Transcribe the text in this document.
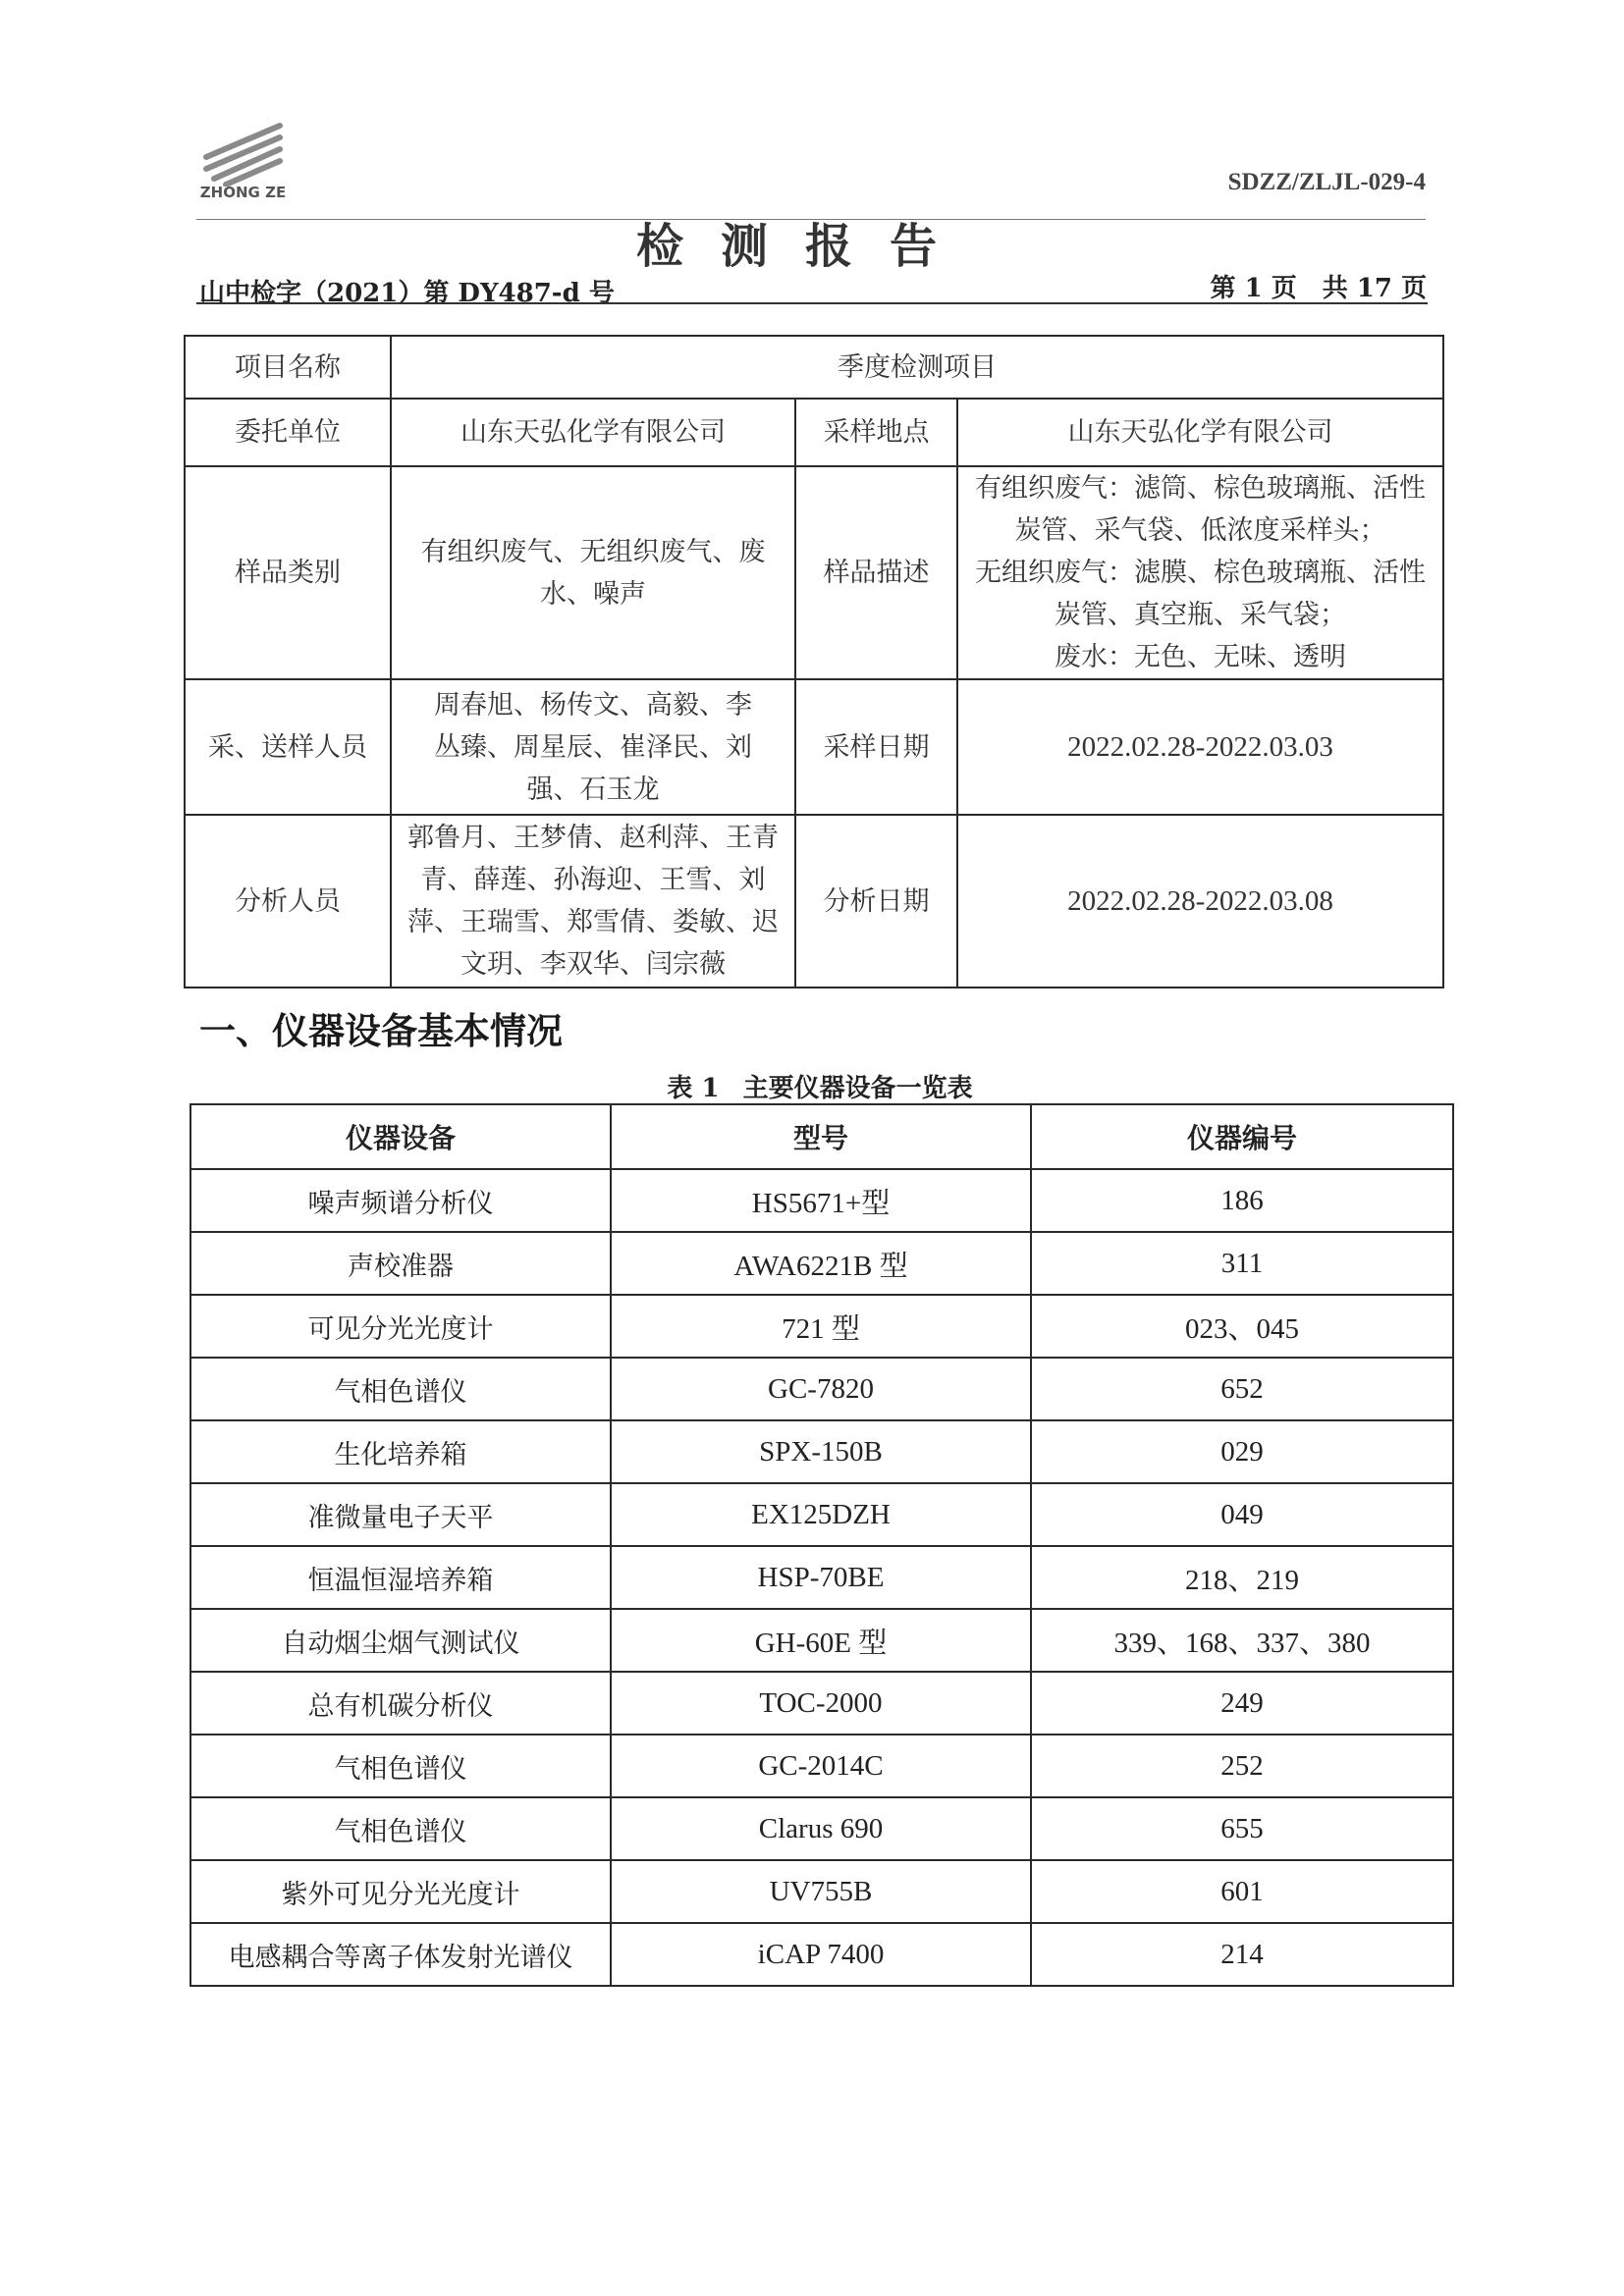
ZHONG ZE	SDZZ/ZLJL-029-4
检测报告
山中检字（2021）第 DY487-d 号	第 1 页　共 17 页
项目名称	季度检测项目		
委托单位	山东天弘化学有限公司	采样地点	山东天弘化学有限公司
样品类别	有组织废气、无组织废气、废水、噪声	样品描述	有组织废气：滤筒、棕色玻璃瓶、活性炭管、采气袋、低浓度采样头；
无组织废气：滤膜、棕色玻璃瓶、活性炭管、真空瓶、采气袋；
废水：无色、无味、透明

采、送样人员	周春旭、杨传文、高毅、李丛臻、周星辰、崔泽民、刘强、石玉龙	采样日期	2022.02.28-2022.03.03
分析人员	郭鲁月、王梦倩、赵利萍、王青青、薛莲、孙海迎、王雪、刘萍、王瑞雪、郑雪倩、娄敏、迟文玥、李双华、闫宗薇	分析日期	2022.02.28-2022.03.08
一、仪器设备基本情况
表 1 主要仪器设备一览表
仪器设备	型号	仪器编号
噪声频谱分析仪	HS5671+型	186
声校准器	AWA6221B 型	311
可见分光光度计	721 型	023、045
气相色谱仪	GC-7820	652
生化培养箱	SPX-150B	029
准微量电子天平	EX125DZH	049
恒温恒湿培养箱	HSP-70BE	218、219
自动烟尘烟气测试仪	GH-60E 型	339、168、337、380
总有机碳分析仪	TOC-2000	249
气相色谱仪	GC-2014C	252
气相色谱仪	Clarus 690	655
紫外可见分光光度计	UV755B	601
电感耦合等离子体发射光谱仪	iCAP 7400	214
